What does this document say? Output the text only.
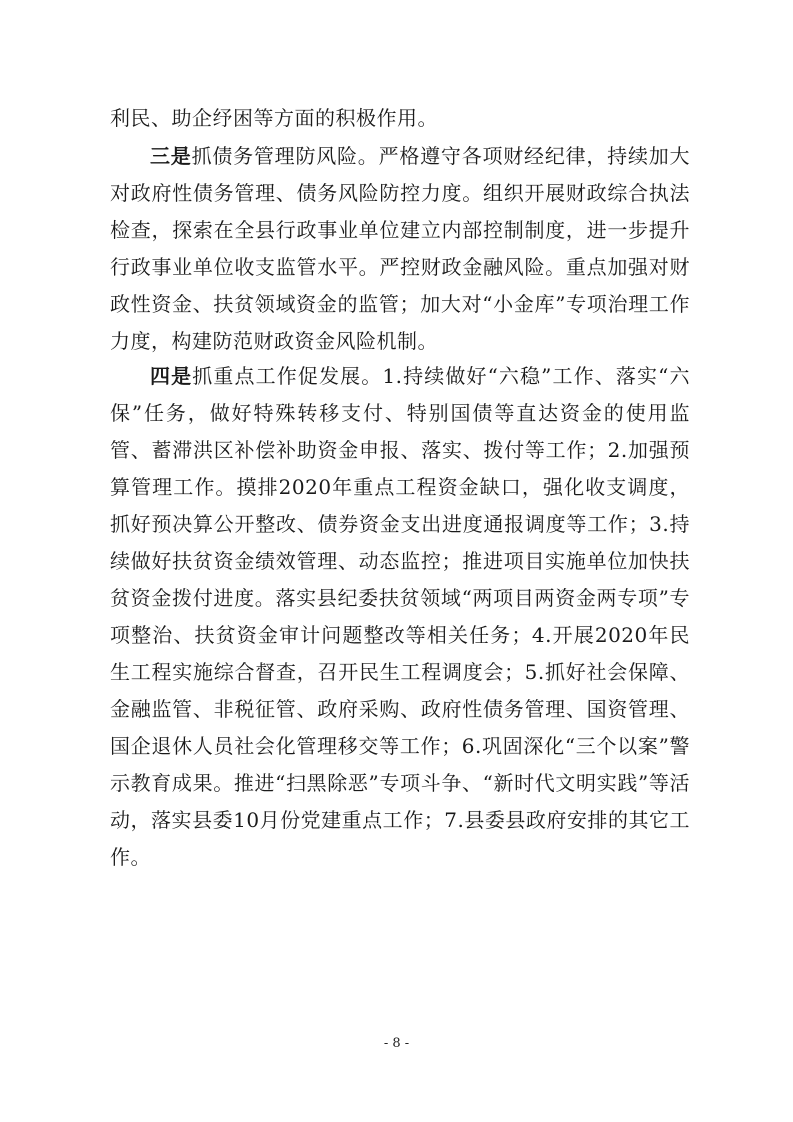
利民、助企纾困等方面的积极作用。

三是抓债务管理防风险。严格遵守各项财经纪律，持续加大对政府性债务管理、债务风险防控力度。组织开展财政综合执法检查，探索在全县行政事业单位建立内部控制制度，进一步提升行政事业单位收支监管水平。严控财政金融风险。重点加强对财政性资金、扶贫领域资金的监管；加大对“小金库”专项治理工作力度，构建防范财政资金风险机制。

四是抓重点工作促发展。1.持续做好“六稳”工作、落实“六保”任务，做好特殊转移支付、特别国债等直达资金的使用监管、蓄滞洪区补偿补助资金申报、落实、拨付等工作；2.加强预算管理工作。摸排2020年重点工程资金缺口，强化收支调度，抓好预决算公开整改、债券资金支出进度通报调度等工作；3.持续做好扶贫资金绩效管理、动态监控；推进项目实施单位加快扶贫资金拨付进度。落实县纪委扶贫领域“两项目两资金两专项”专项整治、扶贫资金审计问题整改等相关任务；4.开展2020年民生工程实施综合督查，召开民生工程调度会；5.抓好社会保障、金融监管、非税征管、政府采购、政府性债务管理、国资管理、国企退休人员社会化管理移交等工作；6.巩固深化“三个以案”警示教育成果。推进“扫黑除恶”专项斗争、“新时代文明实践”等活动，落实县委10月份党建重点工作；7.县委县政府安排的其它工作。

- 8 -
